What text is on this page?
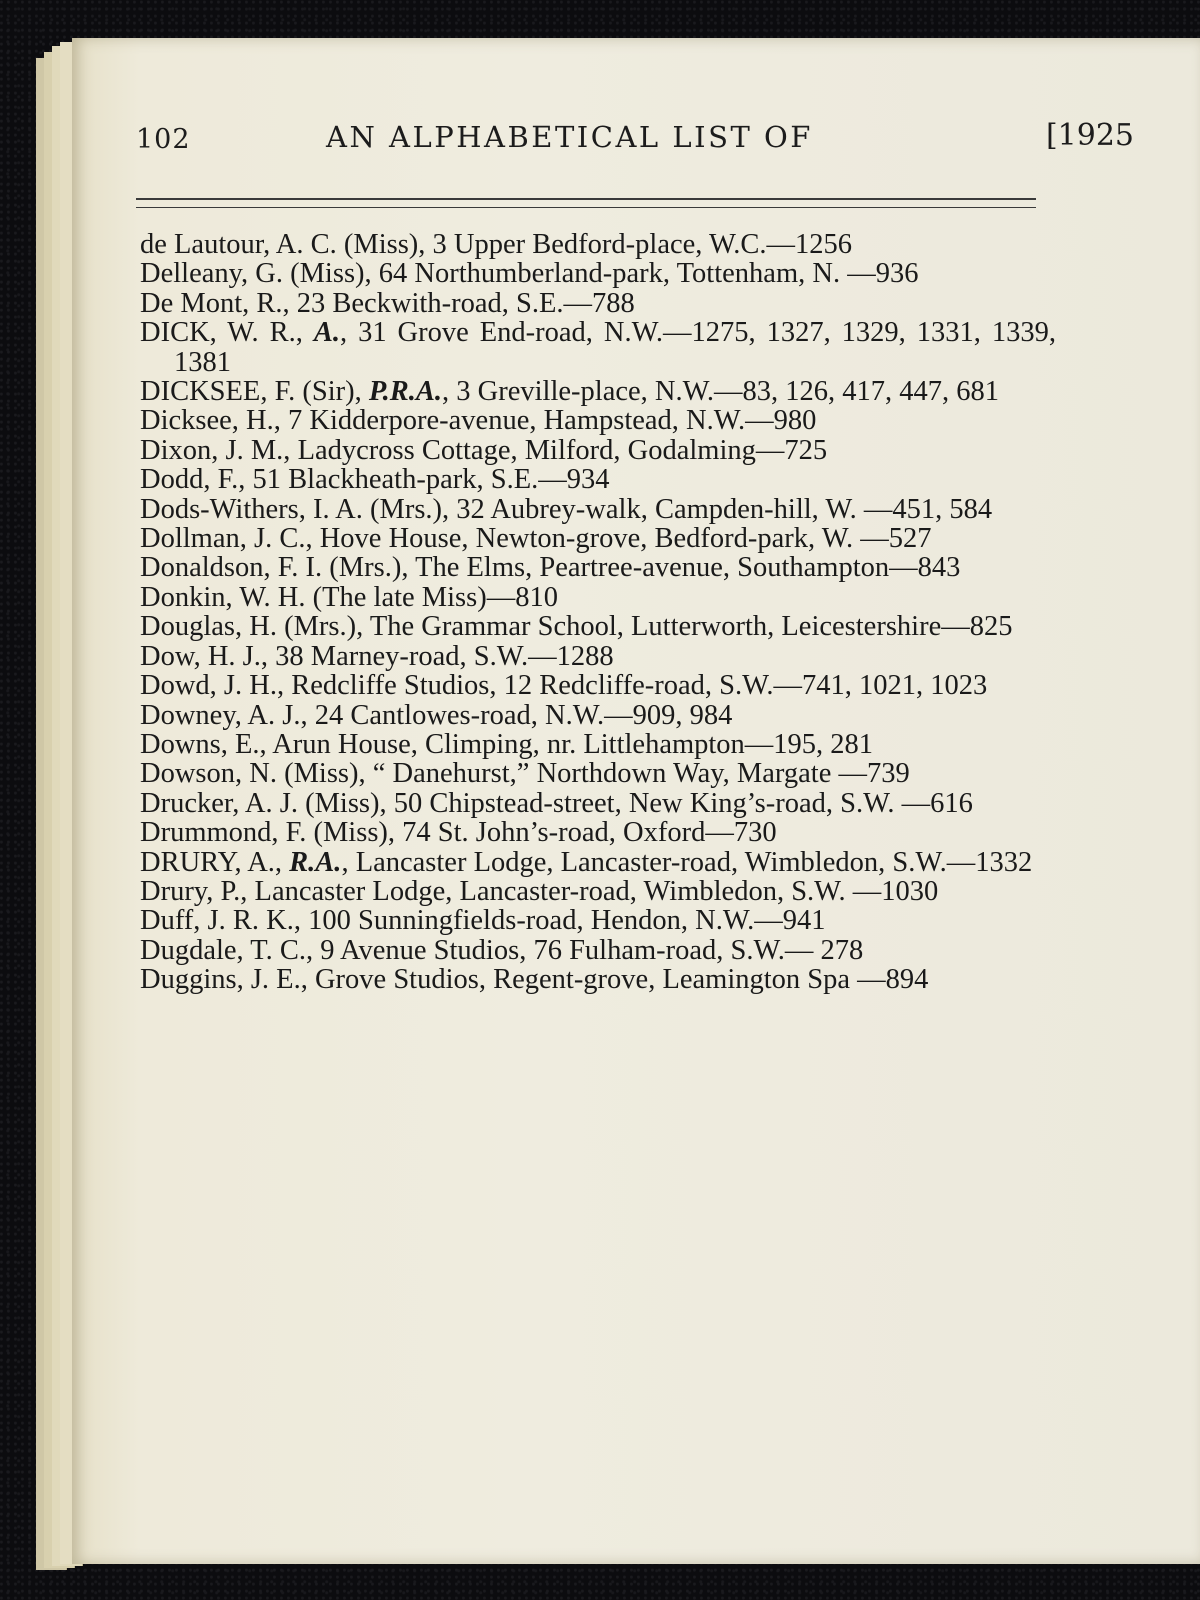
102	AN ALPHABETICAL LIST OF	[1925
de Lautour, A. C. (Miss), 3 Upper Bedford-place, W.C.—1256
Delleany, G. (Miss), 64 Northumberland-park, Tottenham, N. —936
De Mont, R., 23 Beckwith-road, S.E.—788
DICK, W. R., A., 31 Grove End-road, N.W.—1275, 1327, 1329, 1331, 1339, 1381
DICKSEE, F. (Sir), P.R.A., 3 Greville-place, N.W.—83, 126, 417, 447, 681
Dicksee, H., 7 Kidderpore-avenue, Hampstead, N.W.—980
Dixon, J. M., Ladycross Cottage, Milford, Godalming—725
Dodd, F., 51 Blackheath-park, S.E.—934
Dods-Withers, I. A. (Mrs.), 32 Aubrey-walk, Campden-hill, W. —451, 584
Dollman, J. C., Hove House, Newton-grove, Bedford-park, W. —527
Donaldson, F. I. (Mrs.), The Elms, Peartree-avenue, Southampton—843
Donkin, W. H. (The late Miss)—810
Douglas, H. (Mrs.), The Grammar School, Lutterworth, Leicestershire—825
Dow, H. J., 38 Marney-road, S.W.—1288
Dowd, J. H., Redcliffe Studios, 12 Redcliffe-road, S.W.—741, 1021, 1023
Downey, A. J., 24 Cantlowes-road, N.W.—909, 984
Downs, E., Arun House, Climping, nr. Littlehampton—195, 281
Dowson, N. (Miss), “ Danehurst,” Northdown Way, Margate —739
Drucker, A. J. (Miss), 50 Chipstead-street, New King’s-road, S.W. —616
Drummond, F. (Miss), 74 St. John’s-road, Oxford—730
DRURY, A., R.A., Lancaster Lodge, Lancaster-road, Wimbledon, S.W.—1332
Drury, P., Lancaster Lodge, Lancaster-road, Wimbledon, S.W. —1030
Duff, J. R. K., 100 Sunningfields-road, Hendon, N.W.—941
Dugdale, T. C., 9 Avenue Studios, 76 Fulham-road, S.W.— 278
Duggins, J. E., Grove Studios, Regent-grove, Leamington Spa —894
